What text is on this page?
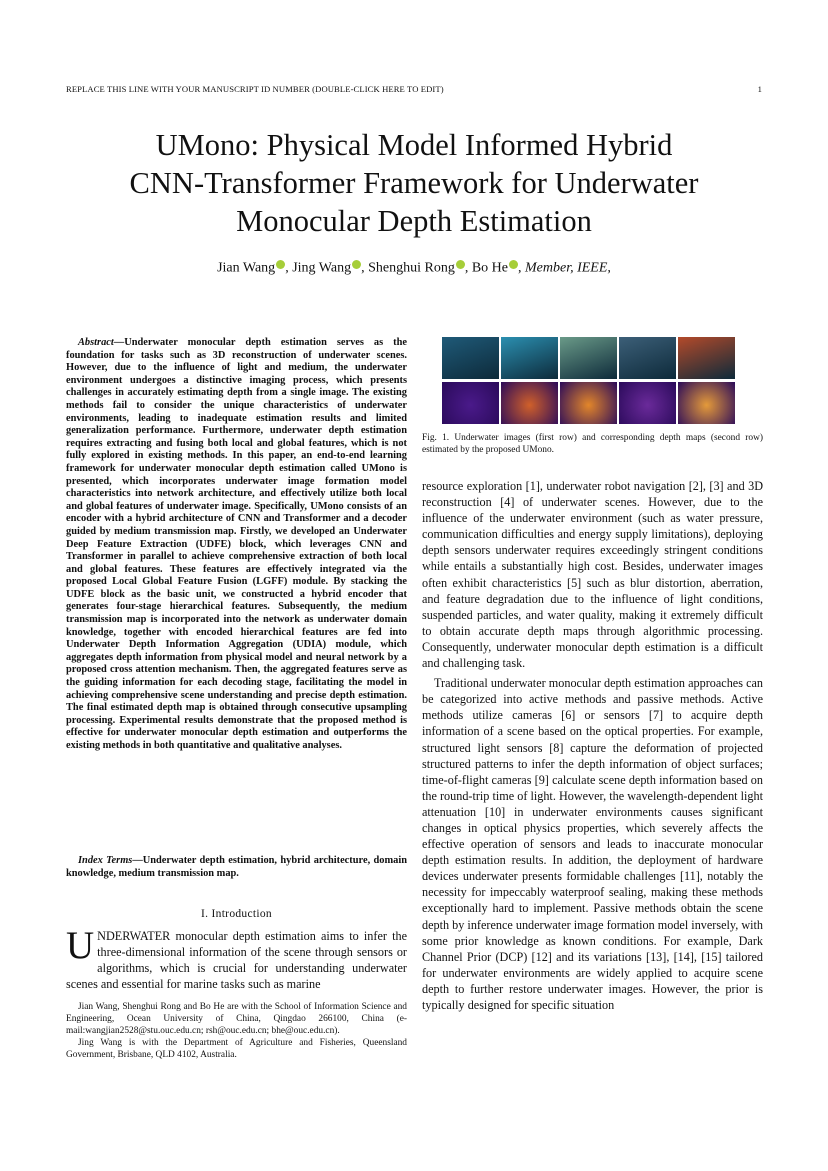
REPLACE THIS LINE WITH YOUR MANUSCRIPT ID NUMBER (DOUBLE-CLICK HERE TO EDIT)	1
UMono: Physical Model Informed Hybrid
CNN-Transformer Framework for Underwater
Monocular Depth Estimation
Jian Wang , Jing Wang , Shenghui Rong , Bo He , Member, IEEE,
Abstract—Underwater monocular depth estimation serves as the foundation for tasks such as 3D reconstruction of underwater scenes. However, due to the influence of light and medium, the underwater environment undergoes a distinctive imaging process, which presents challenges in accurately estimating depth from a single image. The existing methods fail to consider the unique characteristics of underwater environments, leading to inadequate estimation results and limited generalization performance. Furthermore, underwater depth estimation requires extracting and fusing both local and global features, which is not fully explored in existing methods. In this paper, an end-to-end learning framework for underwater monocular depth estimation called UMono is presented, which incorporates underwater image formation model characteristics into network architecture, and effectively utilize both local and global features of underwater image. Specifically, UMono consists of an encoder with a hybrid architecture of CNN and Transformer and a decoder guided by medium transmission map. Firstly, we developed an Underwater Deep Feature Extraction (UDFE) block, which leverages CNN and Transformer in parallel to achieve comprehensive extraction of both local and global features. These features are effectively integrated via the proposed Local Global Feature Fusion (LGFF) module. By stacking the UDFE block as the basic unit, we constructed a hybrid encoder that generates four-stage hierarchical features. Subsequently, the medium transmission map is incorporated into the network as underwater domain knowledge, together with encoded hierarchical features are fed into Underwater Depth Information Aggregation (UDIA) module, which aggregates depth information from physical model and neural network by a proposed cross attention mechanism. Then, the aggregated features serve as the guiding information for each decoding stage, facilitating the model in achieving comprehensive scene understanding and precise depth estimation. The final estimated depth map is obtained through consecutive upsampling processing. Experimental results demonstrate that the proposed method is effective for underwater monocular depth estimation and outperforms the existing methods in both quantitative and qualitative analyses.
Index Terms—Underwater depth estimation, hybrid architecture, domain knowledge, medium transmission map.
I. Introduction
UNDERWATER monocular depth estimation aims to infer the three-dimensional information of the scene through sensors or algorithms, which is crucial for understanding underwater scenes and essential for marine tasks such as marine

Jian Wang, Shenghui Rong and Bo He are with the School of Information Science and Engineering, Ocean University of China, Qingdao 266100, China (e-mail:wangjian2528@stu.ouc.edu.cn; rsh@ouc.edu.cn; bhe@ouc.edu.cn).

Jing Wang is with the Department of Agriculture and Fisheries, Queensland Government, Brisbane, QLD 4102, Australia.

Fig. 1. Underwater images (first row) and corresponding depth maps (second row) estimated by the proposed UMono.

resource exploration [1], underwater robot navigation [2], [3] and 3D reconstruction [4] of underwater scenes. However, due to the influence of the underwater environment (such as water pressure, communication difficulties and energy supply limitations), deploying depth sensors underwater requires exceedingly stringent conditions while entails a substantially high cost. Besides, underwater images often exhibit characteristics [5] such as blur distortion, aberration, and feature degradation due to the influence of light conditions, suspended particles, and water quality, making it extremely difficult to obtain accurate depth maps through algorithmic processing. Consequently, underwater monocular depth estimation is a difficult and challenging task.

Traditional underwater monocular depth estimation approaches can be categorized into active methods and passive methods. Active methods utilize cameras [6] or sensors [7] to acquire depth information of a scene based on the optical properties. For example, structured light sensors [8] capture the deformation of projected structured patterns to infer the depth information of object surfaces; time-of-flight cameras [9] calculate scene depth information based on the round-trip time of light. However, the wavelength-dependent light attenuation [10] in underwater environments causes significant changes in optical physics properties, which severely affects the effective operation of sensors and leads to inaccurate monocular depth estimation results. In addition, the deployment of hardware devices underwater presents formidable challenges [11], notably the necessity for impeccably waterproof sealing, making these methods exceptionally hard to implement. Passive methods obtain the scene depth by inference underwater image formation model inversely, with some prior knowledge as known conditions. For example, Dark Channel Prior (DCP) [12] and its variations [13], [14], [15] tailored for underwater environments are widely applied to acquire scene depth to further restore underwater images. However, the prior is typically designed for specific situation
